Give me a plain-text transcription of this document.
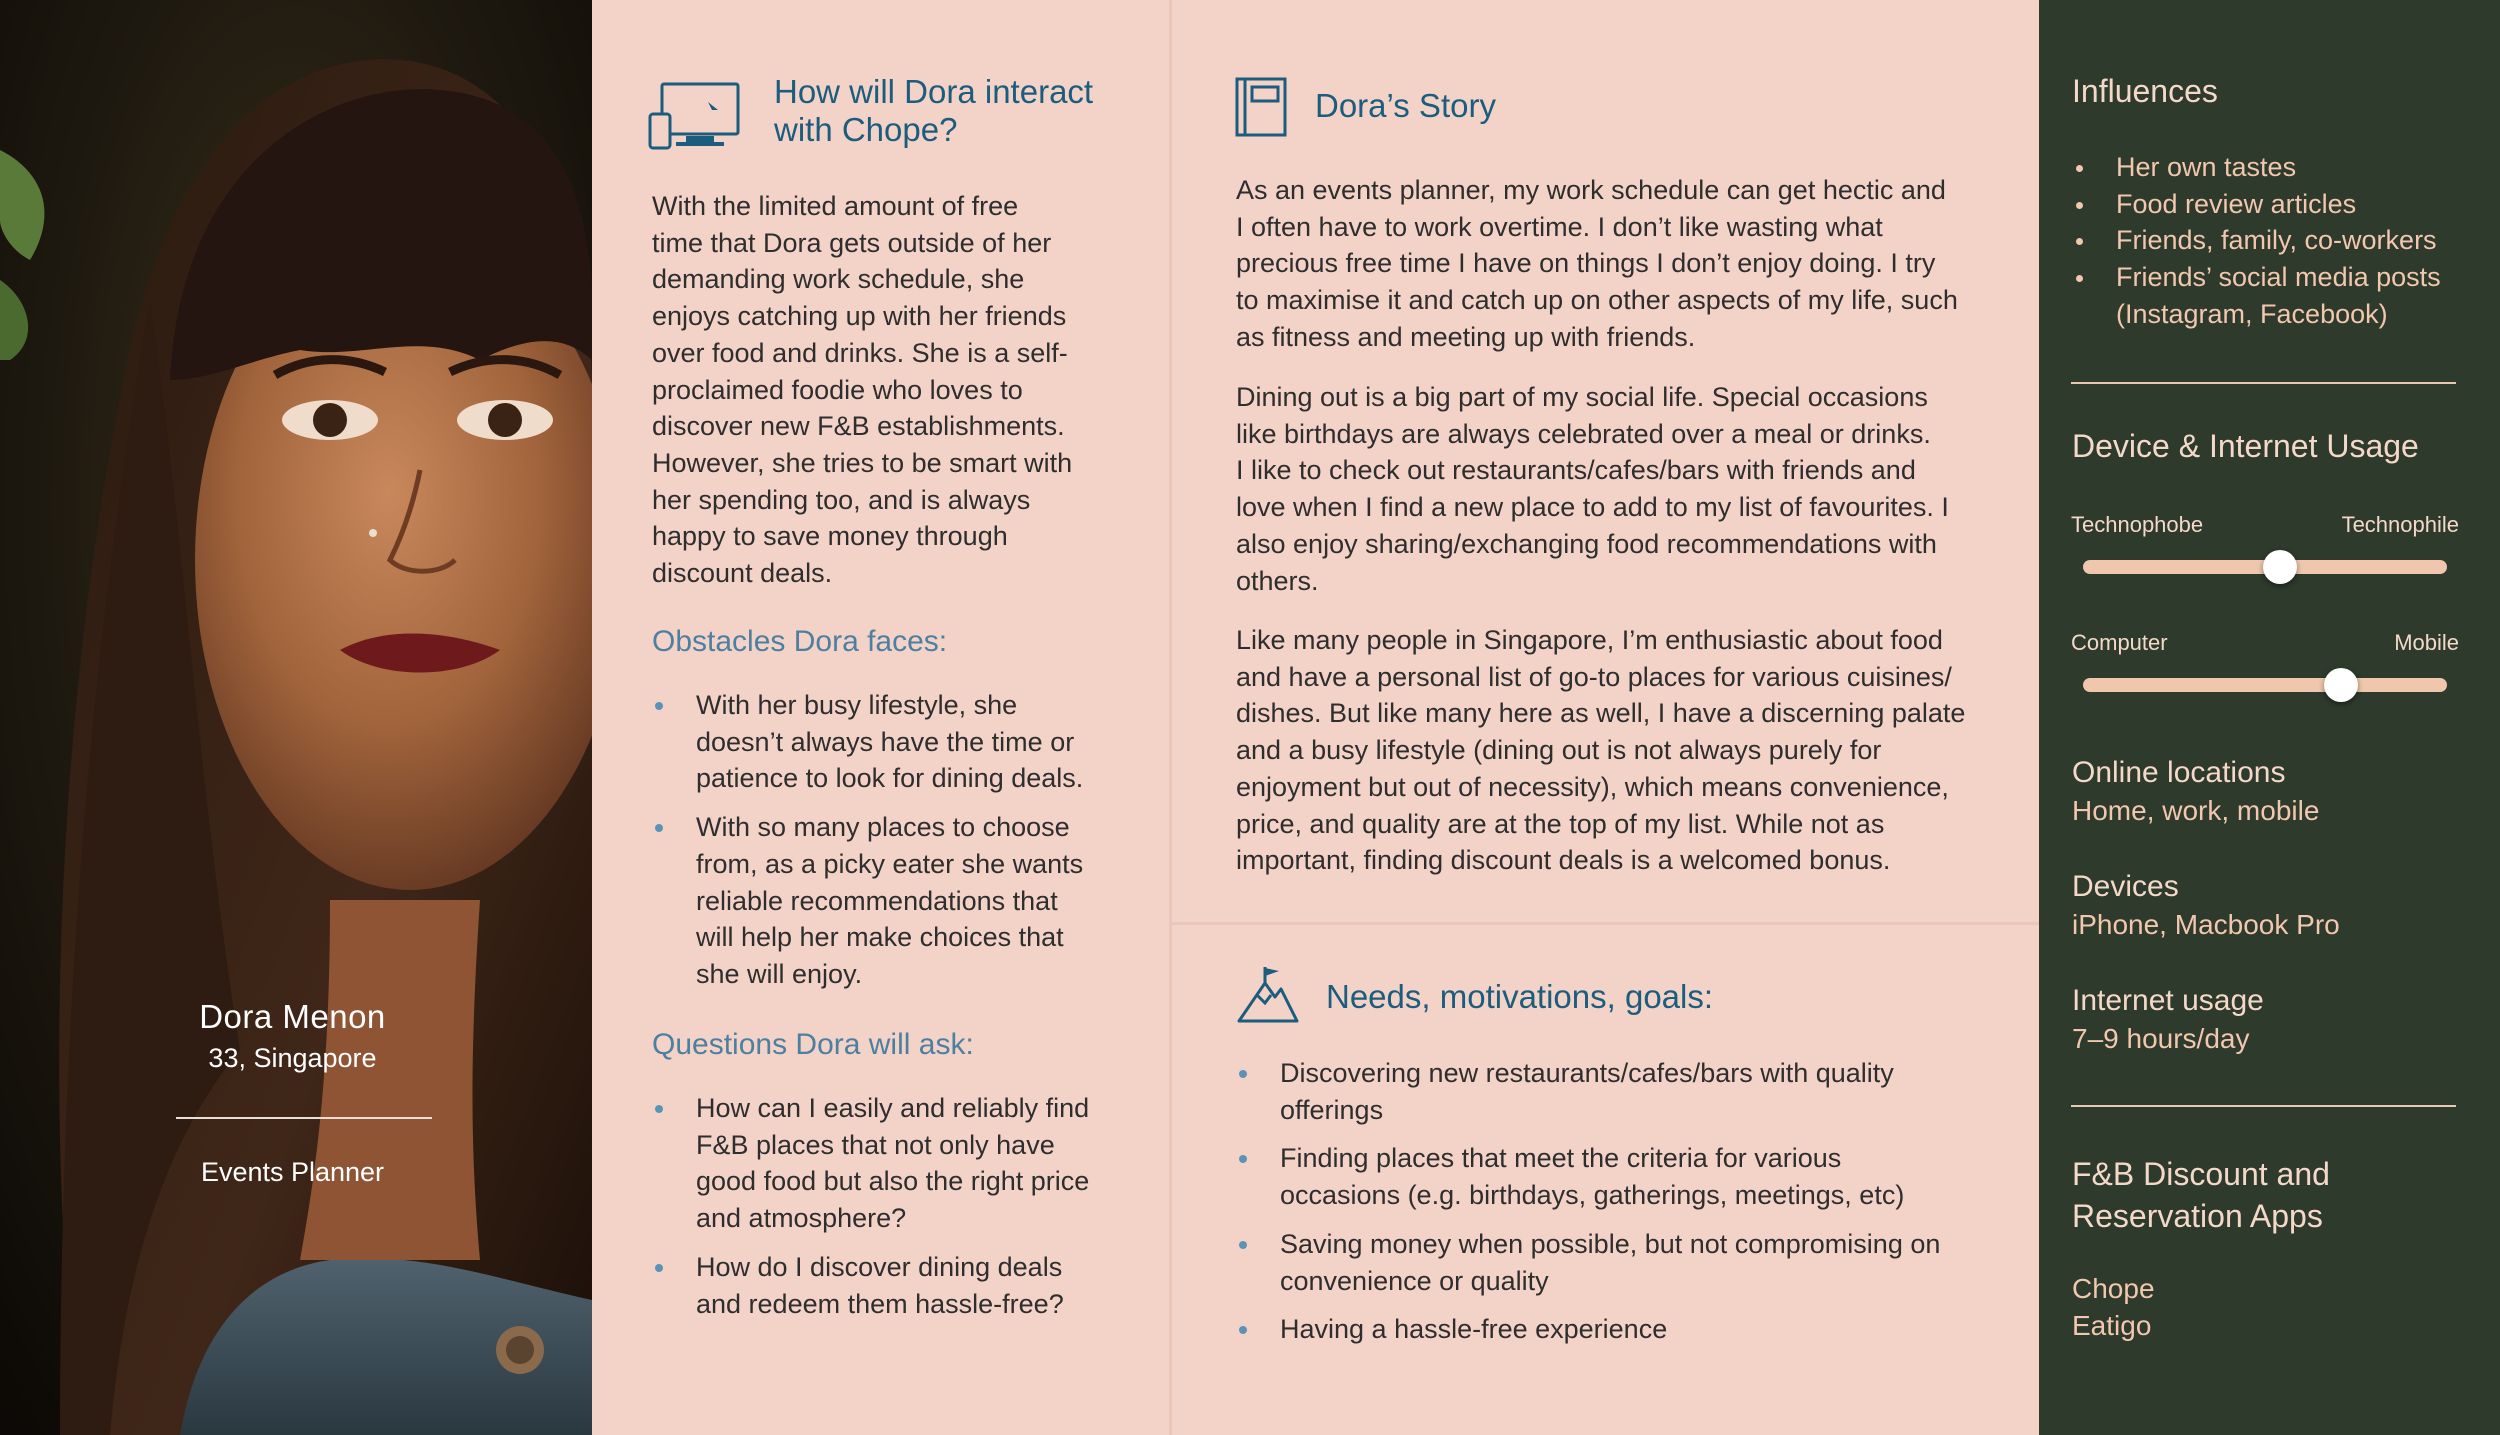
Dora Menon
33, Singapore
Events Planner
How will Dora interact
with Chope?
With the limited amount of free
time that Dora gets outside of her
demanding work schedule, she
enjoys catching up with her friends
over food and drinks. She is a self-
proclaimed foodie who loves to
discover new F&B establishments.
However, she tries to be smart with
her spending too, and is always
happy to save money through
discount deals.
Obstacles Dora faces:
With her busy lifestyle, she
doesn’t always have the time or
patience to look for dining deals.
With so many places to choose
from, as a picky eater she wants
reliable recommendations that
will help her make choices that
she will enjoy.
Questions Dora will ask:
How can I easily and reliably find
F&B places that not only have
good food but also the right price
and atmosphere?
How do I discover dining deals
and redeem them hassle-free?
Dora’s Story
As an events planner, my work schedule can get hectic and
I often have to work overtime. I don’t like wasting what
precious free time I have on things I don’t enjoy doing. I try
to maximise it and catch up on other aspects of my life, such
as fitness and meeting up with friends.
Dining out is a big part of my social life. Special occasions
like birthdays are always celebrated over a meal or drinks.
I like to check out restaurants/cafes/bars with friends and
love when I find a new place to add to my list of favourites. I
also enjoy sharing/exchanging food recommendations with
others.
Like many people in Singapore, I’m enthusiastic about food
and have a personal list of go-to places for various cuisines/
dishes. But like many here as well, I have a discerning palate
and a busy lifestyle (dining out is not always purely for
enjoyment but out of necessity), which means convenience,
price, and quality are at the top of my list. While not as
important, finding discount deals is a welcomed bonus.
Needs, motivations, goals:
Discovering new restaurants/cafes/bars with quality
offerings
Finding places that meet the criteria for various
occasions (e.g. birthdays, gatherings, meetings, etc)
Saving money when possible, but not compromising on
convenience or quality
Having a hassle-free experience
Influences
Her own tastes
Food review articles
Friends, family, co-workers
Friends’ social media posts
(Instagram, Facebook)
Device & Internet Usage
Technophobe	Technophile
Computer	Mobile
Online locations
Home, work, mobile
Devices
iPhone, Macbook Pro
Internet usage
7–9 hours/day
F&B Discount and
Reservation Apps
Chope
Eatigo
